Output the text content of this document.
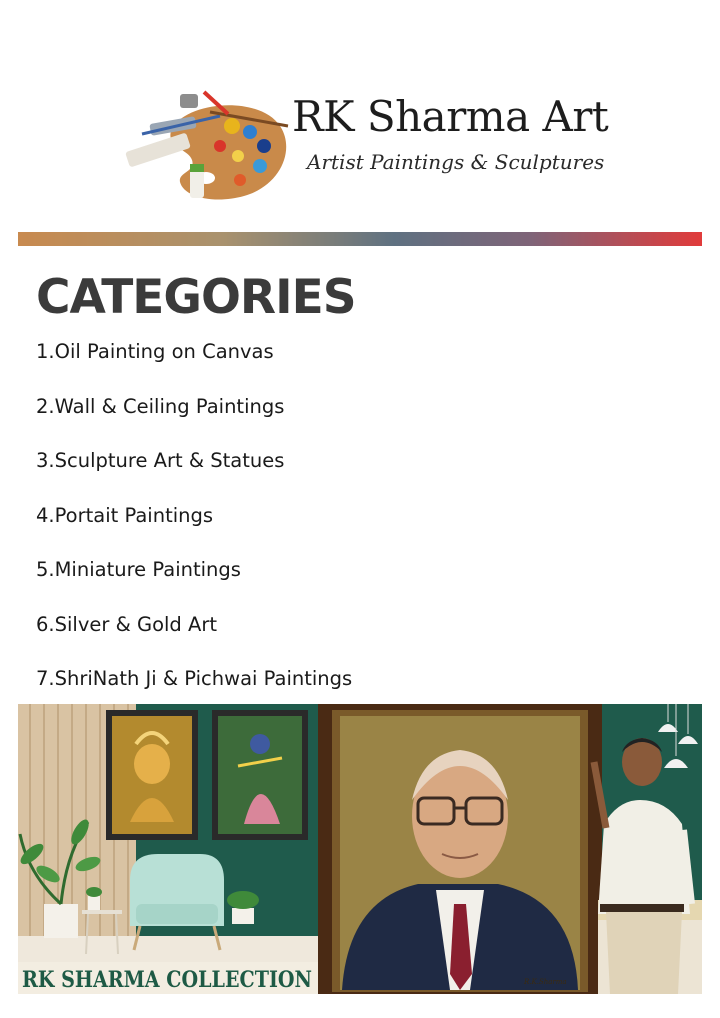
RK Sharma Art
Artist Paintings & Sculptures
CATEGORIES
1.Oil Painting on Canvas
2.Wall & Ceiling Paintings
3.Sculpture Art & Statues
4.Portait Paintings
5.Miniature Paintings
6.Silver & Gold Art
7.ShriNath Ji & Pichwai Paintings
R.K.Sharma
RK SHARMA COLLECTION
